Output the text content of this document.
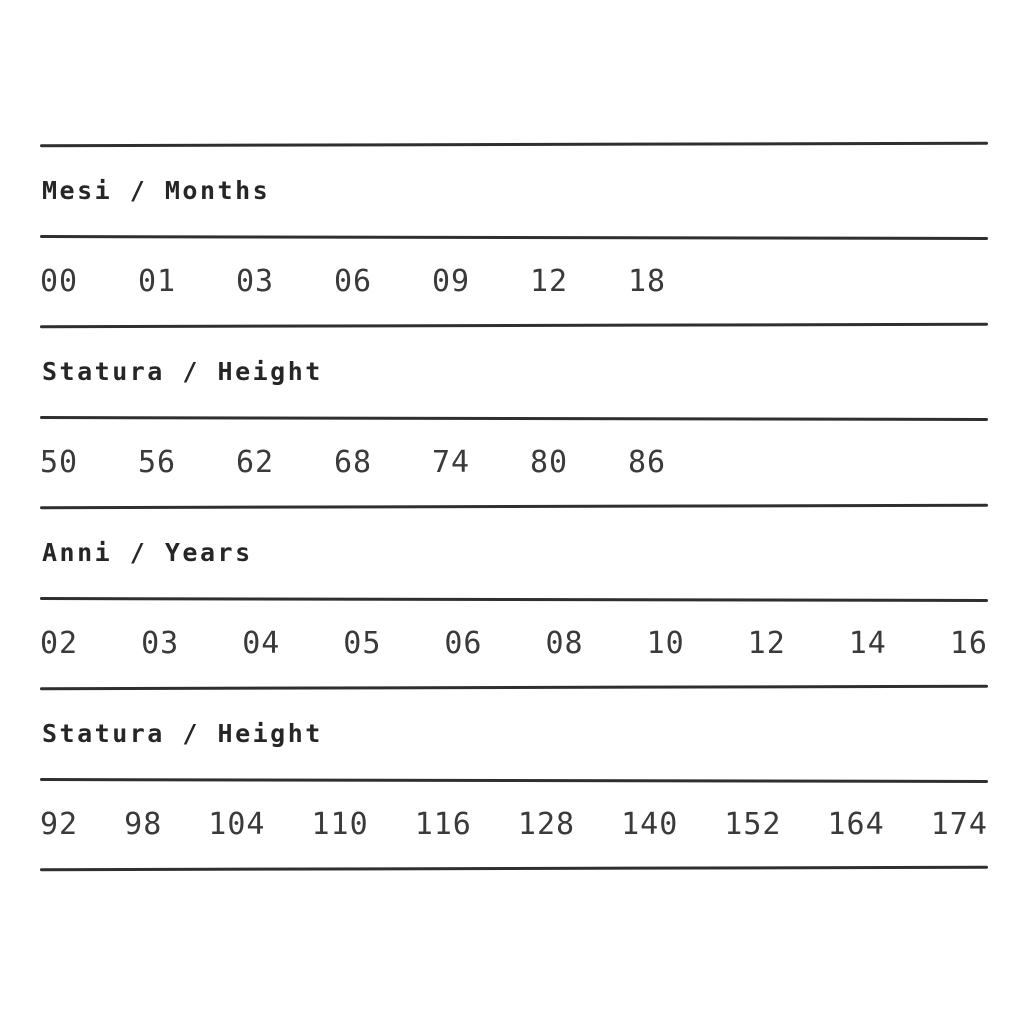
Mesi / Months
00	01	03	06	09	12	18
Statura / Height
50	56	62	68	74	80	86
Anni / Years
02 03 04 05 06 08 10 12 14 16
Statura / Height
92 98 104 110 116 128 140 152 164 174
